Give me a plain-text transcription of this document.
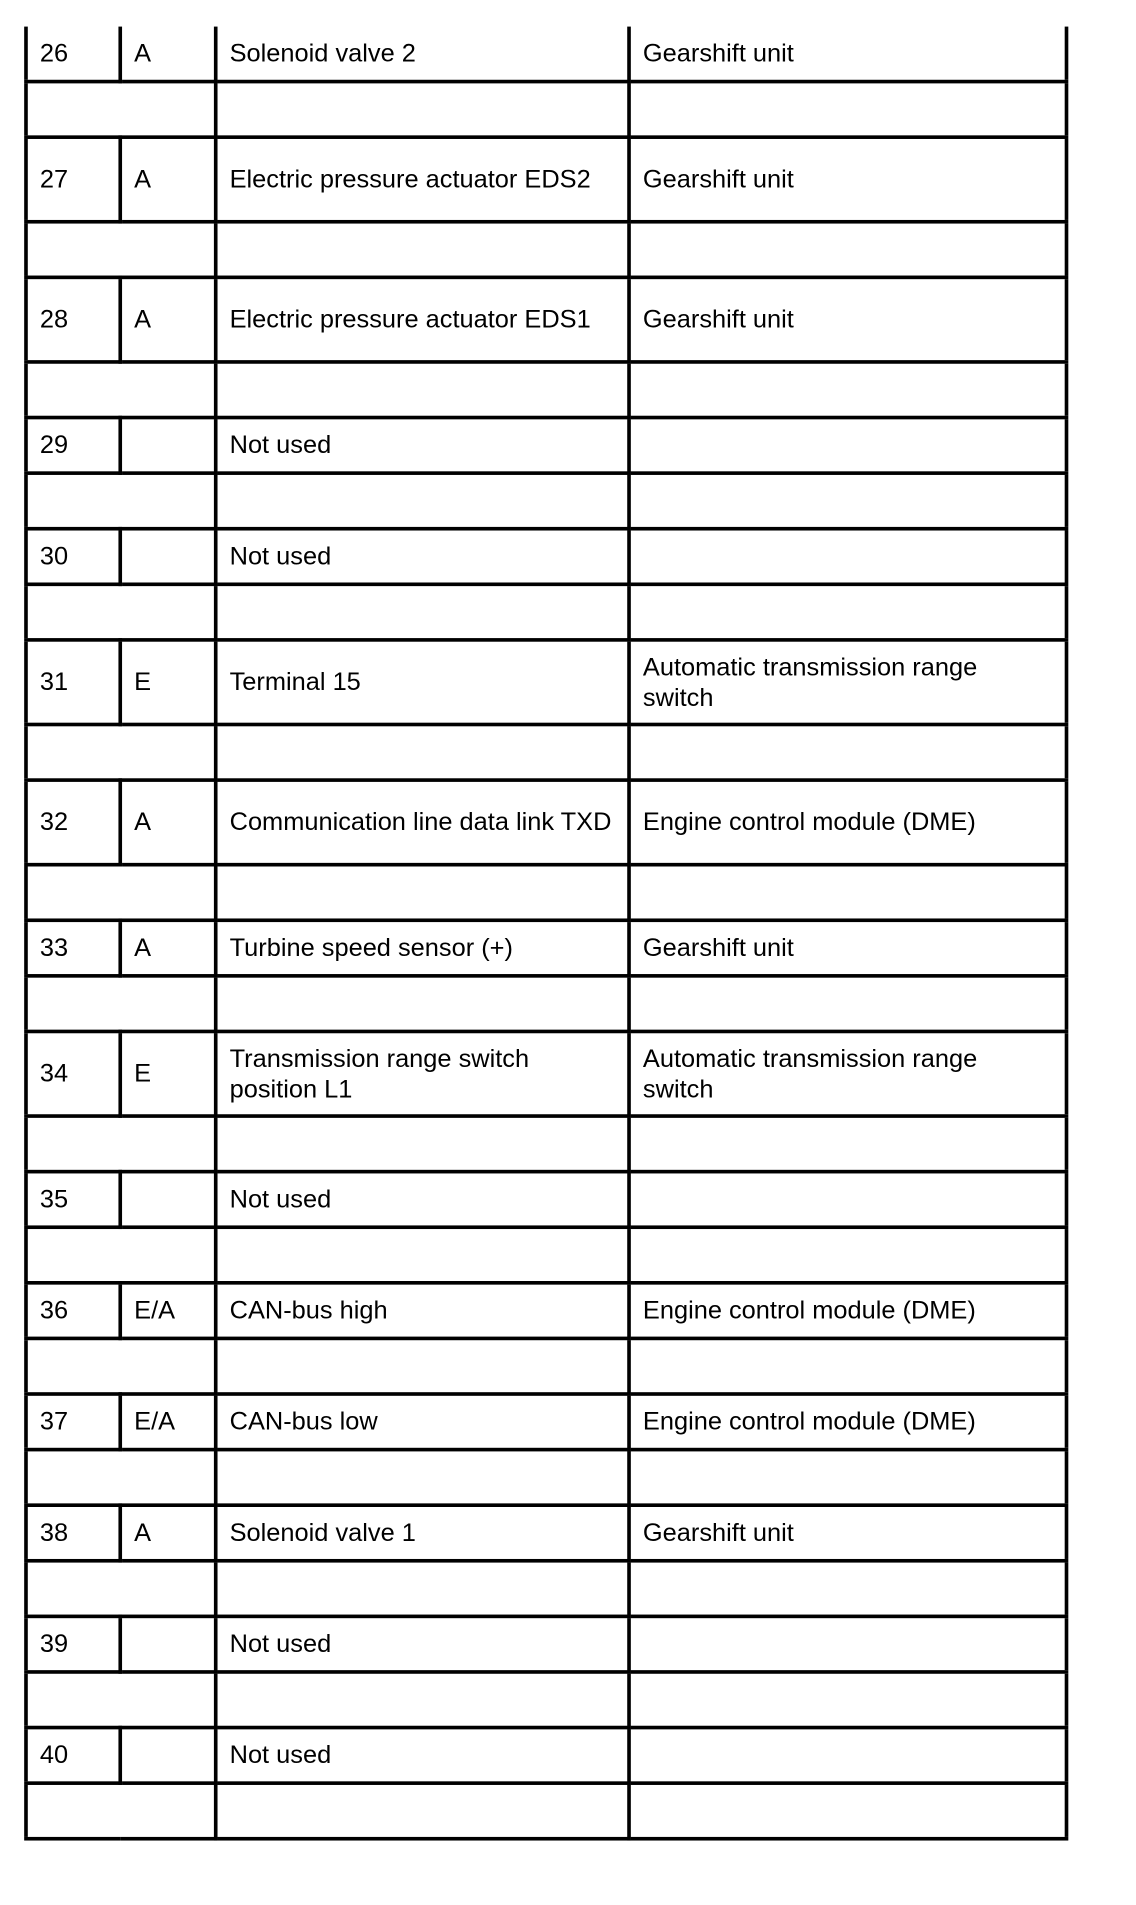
26	A	Solenoid valve 2	Gearshift unit

27	A	Electric pressure actuator EDS2	Gearshift unit

28	A	Electric pressure actuator EDS1	Gearshift unit

29		Not used	

30		Not used	

31	E	Terminal 15	Automatic transmission range switch

32	A	Communication line data link TXD	Engine control module (DME)

33	A	Turbine speed sensor (+)	Gearshift unit

34	E	Transmission range switch position L1	Automatic transmission range switch

35		Not used	

36	E/A	CAN-bus high	Engine control module (DME)

37	E/A	CAN-bus low	Engine control module (DME)

38	A	Solenoid valve 1	Gearshift unit

39		Not used	

40		Not used	
